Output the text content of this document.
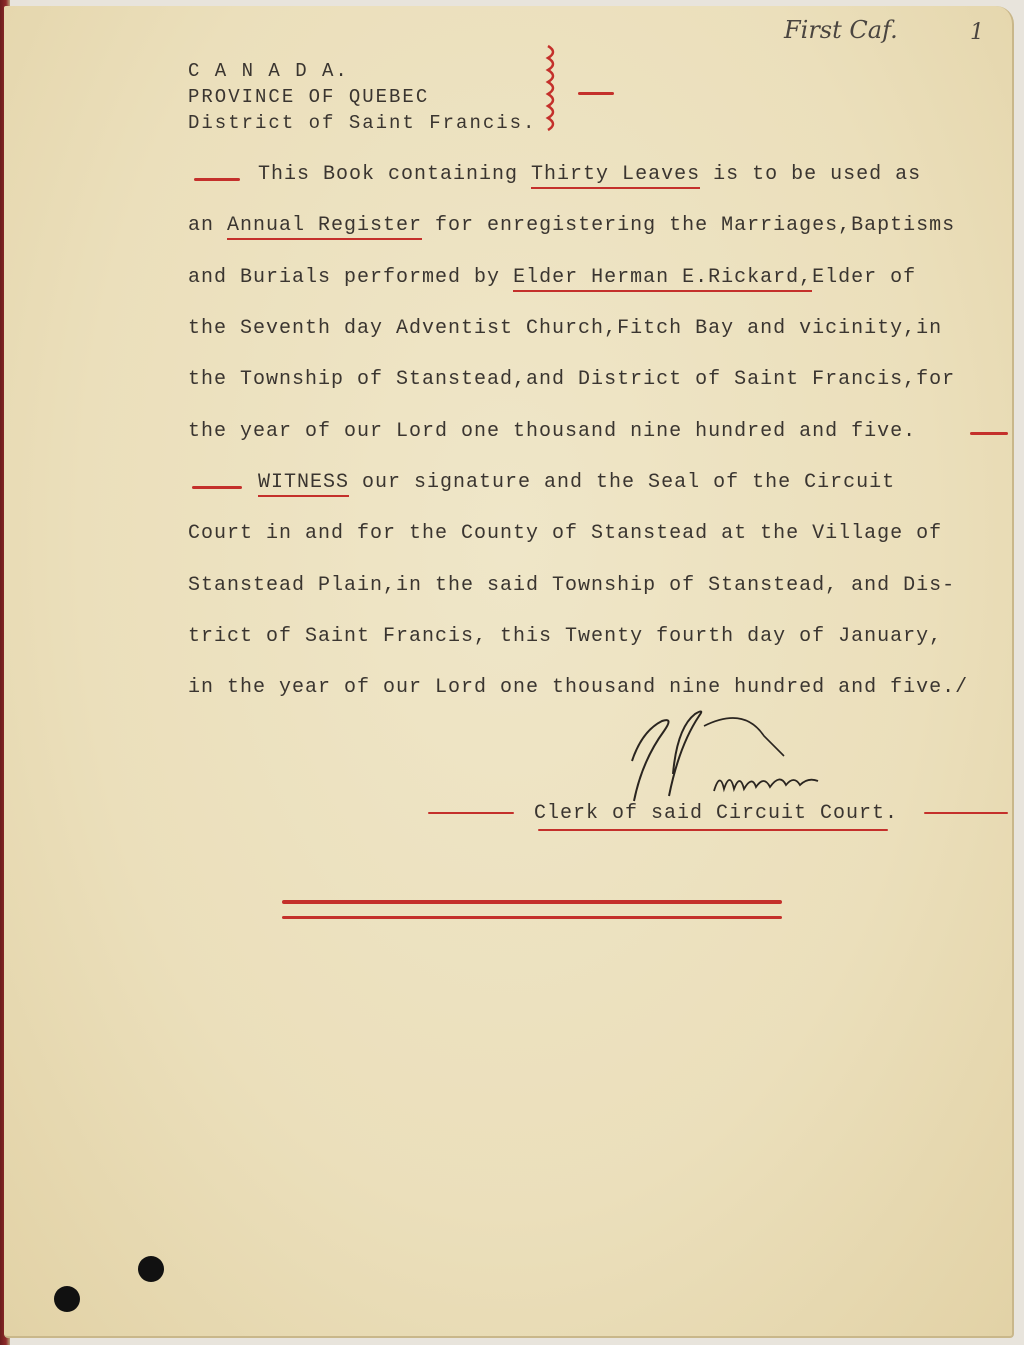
First Caf.	1
C A N A D A.
PROVINCE OF QUEBEC
District of Saint Francis.
This Book containing Thirty Leaves is to be used as
an Annual Register for enregistering the Marriages,Baptisms
and Burials performed by Elder Herman E.Rickard,Elder of
the Seventh day Adventist Church,Fitch Bay and vicinity,in
the Township of Stanstead,and District of Saint Francis,for
the year of our Lord one thousand nine hundred and five.
WITNESS our signature and the Seal of the Circuit
Court in and for the County of Stanstead at the Village of
Stanstead Plain,in the said Township of Stanstead, and Dis-
trict of Saint Francis, this Twenty fourth day of January,
in the year of our Lord one thousand nine hundred and five./
Clerk of said Circuit Court.
